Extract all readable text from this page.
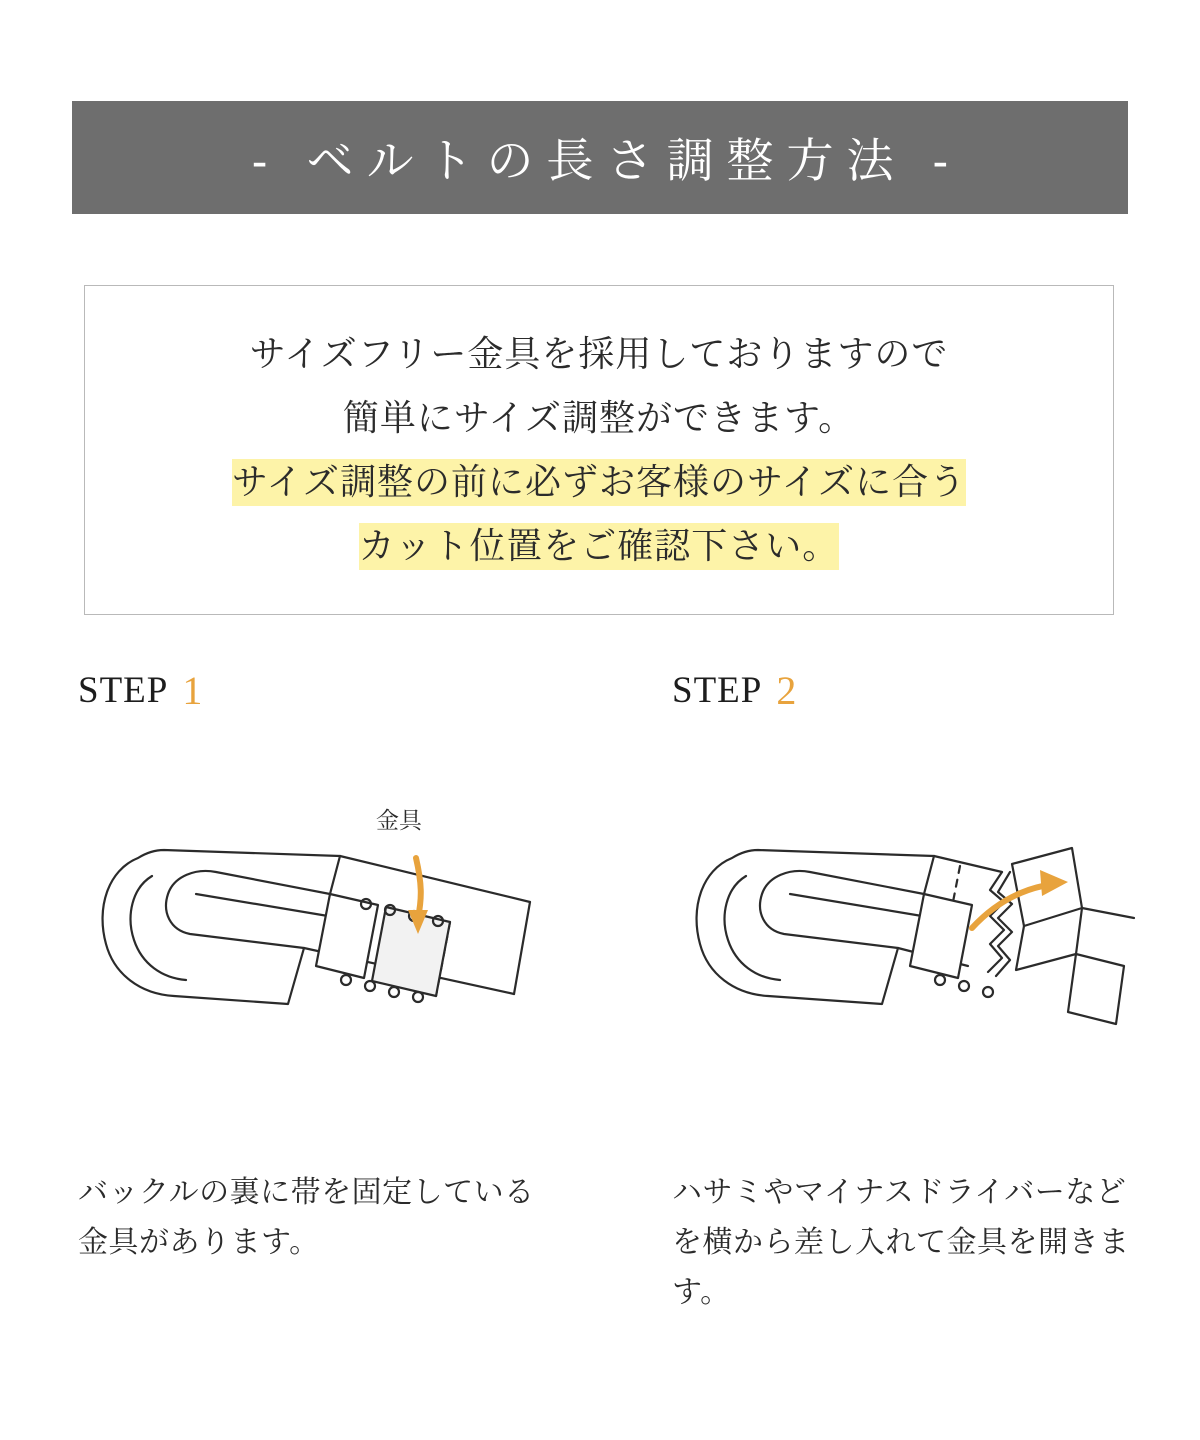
- ベルトの長さ調整方法 -
サイズフリー金具を採用しておりますので
簡単にサイズ調整ができます。
サイズ調整の前に必ずお客様のサイズに合う
カット位置をご確認下さい。
STEP 1
金具
バックルの裏に帯を固定している金具があります。
STEP 2
ハサミやマイナスドライバーなどを横から差し入れて金具を開きます。
